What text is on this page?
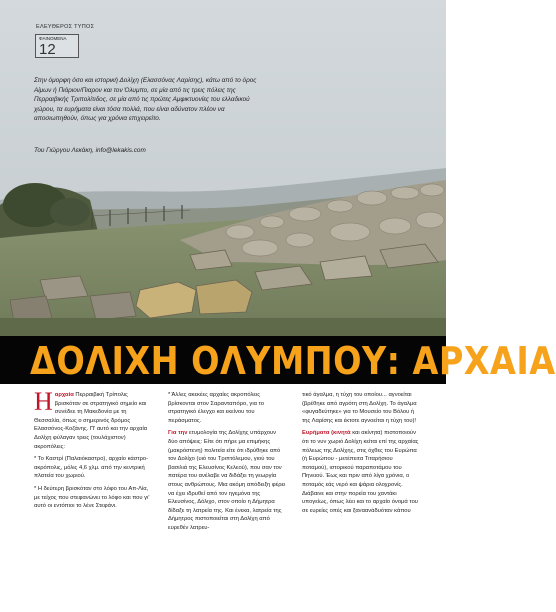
ΕΛΕΥΘΕΡΟΣ ΤΥΠΟΣ
ΦΑΙΝΟΜΕΝΑ
12
Στην όμορφη όσο και ιστορική Δολίχη (Ελασσόνας Λαρίσης), κάτω από το όρος Αίμων ή Πιάριον/Πιαρον και τον Όλυμπο, σε μία από τις τρεις πόλεις της Περραιβικής Τριπολίτιδος, σε μία από τις πρώτες Αμφικτυονίες του ελλαδικού χώρου, τα ευρήματα είναι τόσα πολλά, που είναι αδύνατον πλέον να αποσιωπηθούν, όπως για χρόνια επιχειρείτο.
Του Γιώργου Λεκάκη, info@lekakis.com
ΔΟΛΙΧΗ ΟΛΥΜΠΟΥ: ΑΡΧΑΙΑ

Ηαρχαία Περραιβική Τρίπολις βρισκόταν σε στρατηγικό σημείο και συνέδεε τη Μακεδονία με τη Θεσσαλία, όπως ο σημερινός δρόμος Ελασσόνος-Κοζάνης. Π' αυτό και την αρχαία Δολίχη φύλαγαν τρεις (τουλάχιστον) ακροπόλεις:

* Το Καστρί (Παλαιόκαστρο), αρχαίο κάστρο-ακρόπολις, μόλις 4,6 χλμ. από την κεντρική πλατεία του χωριού.

* Η δεύτερη βρισκόταν στο λόφο του Απ-Λία, με τείχος που στεφανώνει το λόφο και που γι' αυτό οι εντόπιοι το λένε Στεφάνι.

* Άλλες ακεκέες αρχαίες ακροπόλεις βρίσκονται στον Σαρανταπόρο, για το στρατηγικό έλεγχο και εκείνου του περάσματος.

Για την ετυμολογία της Δολίχης υπάρχουν δύο απόψεις: Είτε ότι πήρε μα επιμήκης (μακρόστενη) πολιτεία είτε ότι ιδρύθηκε από τον Δολίχο (υιό του Τριπτόλεμου, γιού του βασιλιά της Ελευσίνος Κελεού), που σαν τον πατέρα του ανέλαβε να διδάξει τη γεωργία στους ανθρώπους. Μια ακόμη απόδειξη φέρει να έχει ιδρυθεί από τον ηγεμόνα της Ελευσίνος, Δόλιχο, στον οποίο η Δήμητρα δίδαξε τη λατρεία της. Και ένεκα, λατρεία της Δήμητρος πιστοποιείται στη Δολίχη από ευρεθέν λατρευ-

τικό άγαλμα, η τύχη του οποίου... αγνοείται (βρέθηκε από αγρότη στη Δολίχη. Το άγαλμα «φυγαδεύτηκε» για το Μουσείο του Βόλου ή της Λαρίσης και έκτοτε αγνοείται η τύχη του)!

Ευρήματα (κινητά και ακίνητα) πιστοποιούν ότι το νυν χωριό Δολίχη κείται επί της αρχαίας πόλεως της Δολίχης, στις όχθες του Ευρώπα (ή Ευρώπου - μετέπειτα Τιταρήσιου ποταμού), ιστορικού παραποτάμου του Πηνειού. Έως και πριν από λίγα χρόνια, ο ποταμός εάς νερό και ψάρια ολοχρονίς. Διάβαινε και στην πορεία του χαντάκι υπογείως, όπως λέει και το αρχαίο όνομά του σε ευρείες οπές και ξαναανάδυόταν κάπου
